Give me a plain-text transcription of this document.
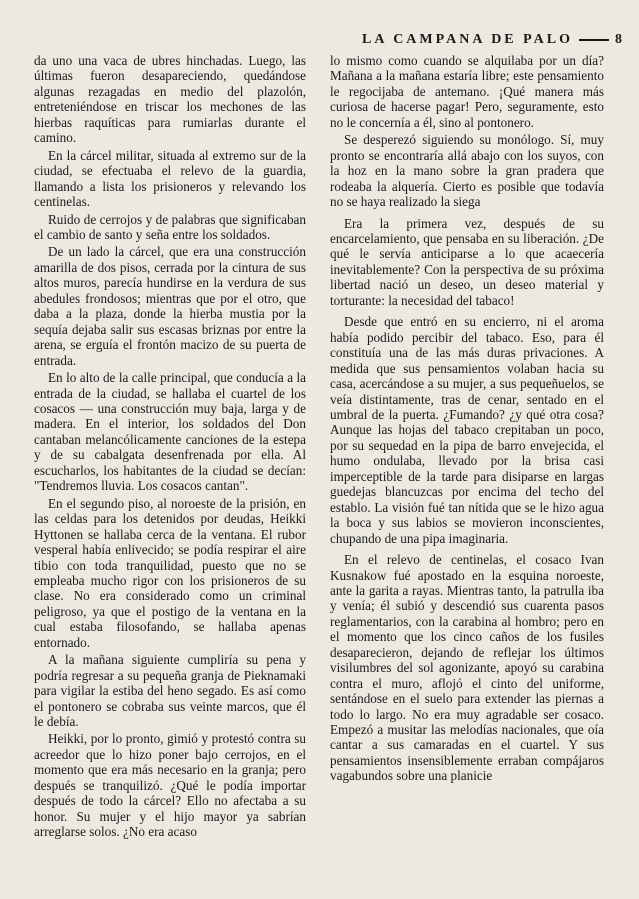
LA CAMPANA DE PALO	8

da uno una vaca de ubres hinchadas. Luego, las últimas fueron desapareciendo, quedándose algunas rezagadas en medio del plazolón, entreteniéndose en triscar los mechones de las hierbas raquíticas para rumiarlas durante el camino.

En la cárcel militar, situada al extremo sur de la ciudad, se efectuaba el relevo de la guardia, llamando a lista los prisioneros y relevando los centinelas.

Ruido de cerrojos y de palabras que significaban el cambio de santo y seña entre los soldados.

De un lado la cárcel, que era una construcción amarilla de dos pisos, cerrada por la cintura de sus altos muros, parecía hundirse en la verdura de sus abedules frondosos; mientras que por el otro, que daba a la plaza, donde la hierba mustia por la sequía dejaba salir sus escasas briznas por entre la arena, se erguía el frontón macizo de su puerta de entrada.

En lo alto de la calle principal, que conducía a la entrada de la ciudad, se hallaba el cuartel de los cosacos — una construcción muy baja, larga y de madera. En el interior, los soldados del Don cantaban melancólicamente canciones de la estepa y de su cabalgata desenfrenada por ella. Al escucharlos, los habitantes de la ciudad se decían: "Tendremos lluvia. Los cosacos cantan".

En el segundo piso, al noroeste de la prisión, en las celdas para los detenidos por deudas, Heikki Hyttonen se hallaba cerca de la ventana. El rubor vesperal había enlivecido; se podía respirar el aire tibio con toda tranquilidad, puesto que no se empleaba mucho rigor con los prisioneros de su clase. No era considerado como un criminal peligroso, ya que el postigo de la ventana en la cual estaba filosofando, se hallaba apenas entornado.

A la mañana siguiente cumpliría su pena y podría regresar a su pequeña granja de Pieknamaki para vigilar la estiba del heno segado. Es así como el pontonero se cobraba sus veinte marcos, que él le debía.

Heikki, por lo pronto, gimió y protestó contra su acreedor que lo hizo poner bajo cerrojos, en el momento que era más necesario en la granja; pero después se tranquilizó. ¿Qué le podía importar después de todo la cárcel? Ello no afectaba a su honor. Su mujer y el hijo mayor ya sabrían arreglarse solos. ¿No era acaso

lo mismo como cuando se alquilaba por un día? Mañana a la mañana estaría libre; este pensamiento le regocijaba de antemano. ¡Qué manera más curiosa de hacerse pagar! Pero, seguramente, esto no le concernía a él, sino al pontonero.

Se desperezó siguiendo su monólogo. Sí, muy pronto se encontraría allá abajo con los suyos, con la hoz en la mano sobre la gran pradera que rodeaba la alquería. Cierto es posible que todavía no se haya realizado la siega

Era la primera vez, después de su encarcelamiento, que pensaba en su liberación. ¿De qué le servía anticiparse a lo que acaecería inevitablemente? Con la perspectiva de su próxima libertad nació un deseo, un deseo material y torturante: la necesidad del tabaco!

Desde que entró en su encierro, ni el aroma había podido percibir del tabaco. Eso, para él constituía una de las más duras privaciones. A medida que sus pensamientos volaban hacia su casa, acercándose a su mujer, a sus pequeñuelos, se veía distintamente, tras de cenar, sentado en el umbral de la puerta. ¿Fumando? ¿y qué otra cosa? Aunque las hojas del tabaco crepitaban un poco, por su sequedad en la pipa de barro envejecida, el humo ondulaba, llevado por la brisa casi imperceptible de la tarde para disiparse en largas guedejas blancuzcas por encima del techo del establo. La visión fué tan nítida que se le hizo agua la boca y sus labios se movieron inconscientes, chupando de una pipa imaginaria.

En el relevo de centinelas, el cosaco Ivan Kusnakow fué apostado en la esquina noroeste, ante la garita a rayas. Mientras tanto, la patrulla iba y venía; él subió y descendió sus cuarenta pasos reglamentarios, con la carabina al hombro; pero en el momento que los cinco caños de los fusiles desaparecieron, dejando de reflejar los últimos visilumbres del sol agonizante, apoyó su carabina contra el muro, aflojó el cinto del uniforme, sentándose en el suelo para extender las piernas a todo lo largo. No era muy agradable ser cosaco. Empezó a musitar las melodías nacionales, que oía cantar a sus camaradas en el cuartel. Y sus pensamientos insensiblemente erraban compájaros vagabundos sobre una planicie
